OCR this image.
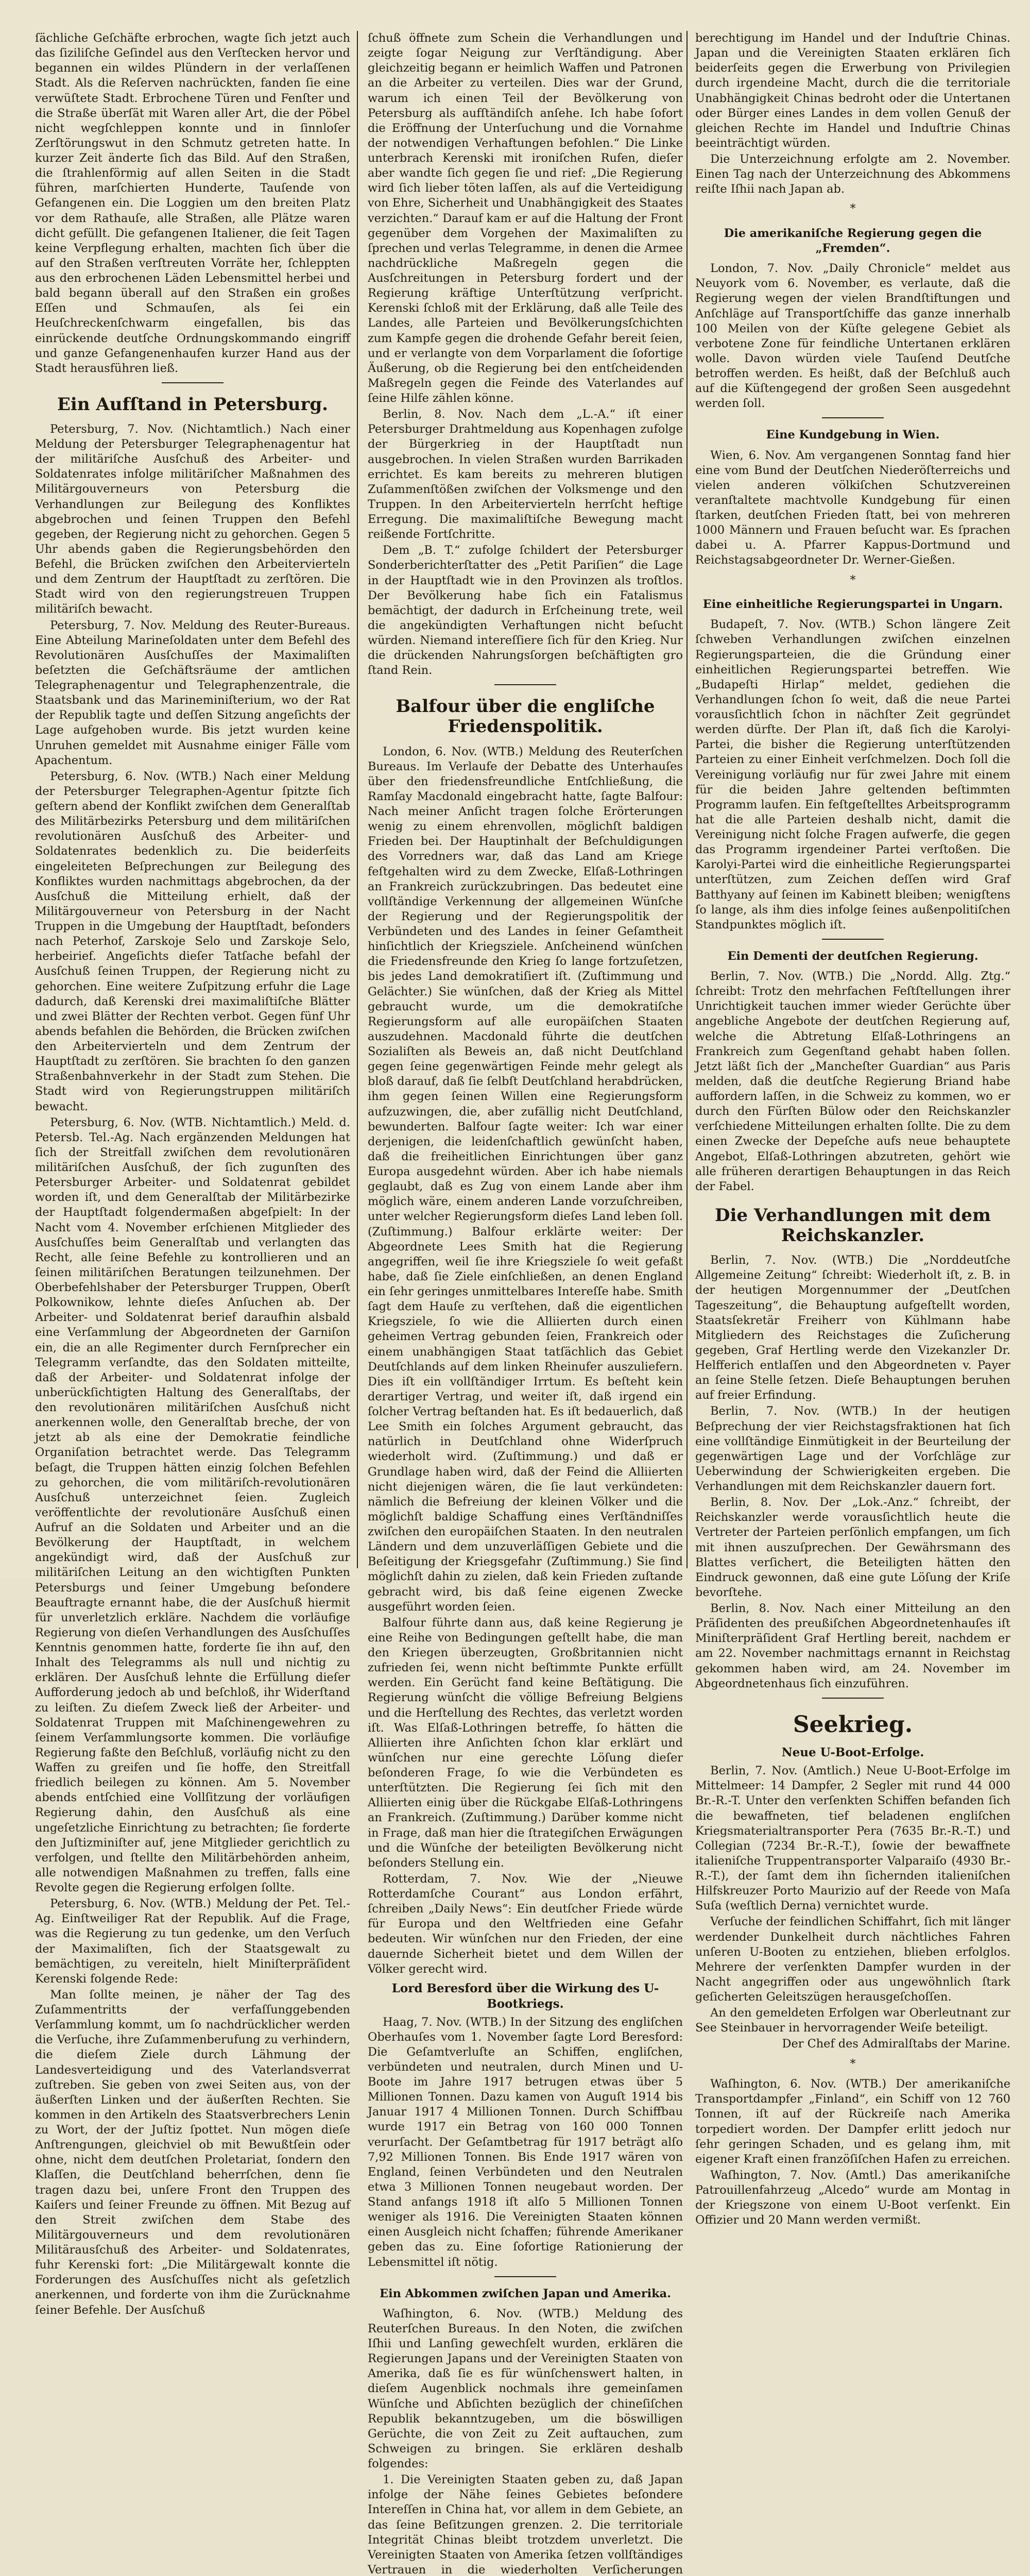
ſächliche Geſchäfte erbrochen, wagte ſich jetzt auch das ſiziliſche Geſindel aus den Verſtecken hervor und begannen ein wildes Plündern in der verlaſſenen Stadt. Als die Reſerven nachrückten, fanden ſie eine verwüſtete Stadt. Erbrochene Türen und Fenſter und die Straße überſät mit Waren aller Art, die der Pöbel nicht wegſchleppen konnte und in ſinnloſer Zerſtörungswut in den Schmutz getreten hatte. In kurzer Zeit änderte ſich das Bild. Auf den Straßen, die ſtrahlenförmig auf allen Seiten in die Stadt führen, marſchierten Hunderte, Tauſende von Gefangenen ein. Die Loggien um den breiten Platz vor dem Rathauſe, alle Straßen, alle Plätze waren dicht gefüllt. Die gefangenen Italiener, die ſeit Tagen keine Verpflegung erhalten, machten ſich über die auf den Straßen verſtreuten Vorräte her, ſchleppten aus den erbrochenen Läden Lebensmittel herbei und bald begann überall auf den Straßen ein großes Eſſen und Schmauſen, als ſei ein Heuſchreckenſchwarm eingefallen, bis das einrückende deutſche Ordnungskommando eingriff und ganze Gefangenenhaufen kurzer Hand aus der Stadt herausführen ließ.

Ein Aufſtand in Petersburg.

Petersburg, 7. Nov. (Nichtamtlich.) Nach einer Meldung der Petersburger Telegraphenagentur hat der militäriſche Ausſchuß des Arbeiter- und Soldatenrates infolge militäriſcher Maßnahmen des Militärgouverneurs von Petersburg die Verhandlungen zur Beilegung des Konfliktes abgebrochen und ſeinen Truppen den Befehl gegeben, der Regierung nicht zu gehorchen. Gegen 5 Uhr abends gaben die Regierungsbehörden den Befehl, die Brücken zwiſchen den Arbeitervierteln und dem Zentrum der Hauptſtadt zu zerſtören. Die Stadt wird von den regierungstreuen Truppen militäriſch bewacht.

Petersburg, 7. Nov. Meldung des Reuter-Bureaus. Eine Abteilung Marineſoldaten unter dem Befehl des Revolutionären Ausſchuſſes der Maximaliſten beſetzten die Geſchäftsräume der amtlichen Telegraphenagentur und Telegraphenzentrale, die Staatsbank und das Marineminiſterium, wo der Rat der Republik tagte und deſſen Sitzung angeſichts der Lage aufgehoben wurde. Bis jetzt wurden keine Unruhen gemeldet mit Ausnahme einiger Fälle vom Apachentum.

Petersburg, 6. Nov. (WTB.) Nach einer Meldung der Petersburger Telegraphen-Agentur ſpitzte ſich geſtern abend der Konflikt zwiſchen dem Generalſtab des Militärbezirks Petersburg und dem militäriſchen revolutionären Ausſchuß des Arbeiter- und Soldatenrates bedenklich zu. Die beiderſeits eingeleiteten Beſprechungen zur Beilegung des Konfliktes wurden nachmittags abgebrochen, da der Ausſchuß die Mitteilung erhielt, daß der Militärgouverneur von Petersburg in der Nacht Truppen in die Umgebung der Hauptſtadt, beſonders nach Peterhof, Zarskoje Selo und Zarskoje Selo, herbeirief. Angeſichts dieſer Tatſache befahl der Ausſchuß ſeinen Truppen, der Regierung nicht zu gehorchen. Eine weitere Zuſpitzung erfuhr die Lage dadurch, daß Kerenski drei maximaliſtiſche Blätter und zwei Blätter der Rechten verbot. Gegen fünf Uhr abends befahlen die Behörden, die Brücken zwiſchen den Arbeitervierteln und dem Zentrum der Hauptſtadt zu zerſtören. Sie brachten ſo den ganzen Straßenbahnverkehr in der Stadt zum Stehen. Die Stadt wird von Regierungstruppen militäriſch bewacht.

Petersburg, 6. Nov. (WTB. Nichtamtlich.) Meld. d. Petersb. Tel.-Ag. Nach ergänzenden Meldungen hat ſich der Streitfall zwiſchen dem revolutionären militäriſchen Ausſchuß, der ſich zugunſten des Petersburger Arbeiter- und Soldatenrat gebildet worden iſt, und dem Generalſtab der Militärbezirke der Hauptſtadt folgendermaßen abgeſpielt: In der Nacht vom 4. November erſchienen Mitglieder des Ausſchuſſes beim Generalſtab und verlangten das Recht, alle ſeine Befehle zu kontrollieren und an ſeinen militäriſchen Beratungen teilzunehmen. Der Oberbefehlshaber der Petersburger Truppen, Oberſt Polkownikow, lehnte dieſes Anſuchen ab. Der Arbeiter- und Soldatenrat berief daraufhin alsbald eine Verſammlung der Abgeordneten der Garniſon ein, die an alle Regimenter durch Fernſprecher ein Telegramm verſandte, das den Soldaten mitteilte, daß der Arbeiter- und Soldatenrat infolge der unberückſichtigten Haltung des Generalſtabs, der den revolutionären militäriſchen Ausſchuß nicht anerkennen wolle, den Generalſtab breche, der von jetzt ab als eine der Demokratie feindliche Organiſation betrachtet werde. Das Telegramm beſagt, die Truppen hätten einzig ſolchen Befehlen zu gehorchen, die vom militäriſch-revolutionären Ausſchuß unterzeichnet ſeien. Zugleich veröffentlichte der revolutionäre Ausſchuß einen Aufruf an die Soldaten und Arbeiter und an die Bevölkerung der Hauptſtadt, in welchem angekündigt wird, daß der Ausſchuß zur militäriſchen Leitung an den wichtigſten Punkten Petersburgs und ſeiner Umgebung beſondere Beauftragte ernannt habe, die der Ausſchuß hiermit für unverletzlich erkläre. Nachdem die vorläufige Regierung von dieſen Verhandlungen des Ausſchuſſes Kenntnis genommen hatte, forderte ſie ihn auf, den Inhalt des Telegramms als null und nichtig zu erklären. Der Ausſchuß lehnte die Erfüllung dieſer Aufforderung jedoch ab und beſchloß, ihr Widerſtand zu leiſten. Zu dieſem Zweck ließ der Arbeiter- und Soldatenrat Truppen mit Maſchinengewehren zu ſeinem Verſammlungsorte kommen. Die vorläufige Regierung faßte den Beſchluß, vorläufig nicht zu den Waffen zu greifen und ſie hoffe, den Streitfall friedlich beilegen zu können. Am 5. November abends entſchied eine Vollſitzung der vorläufigen Regierung dahin, den Ausſchuß als eine ungeſetzliche Einrichtung zu betrachten; ſie forderte den Juſtizminiſter auf, jene Mitglieder gerichtlich zu verfolgen, und ſtellte den Militärbehörden anheim, alle notwendigen Maßnahmen zu treffen, falls eine Revolte gegen die Regierung erfolgen ſollte.

Petersburg, 6. Nov. (WTB.) Meldung der Pet. Tel.-Ag. Einſtweiliger Rat der Republik. Auf die Frage, was die Regierung zu tun gedenke, um den Verſuch der Maximaliſten, ſich der Staatsgewalt zu bemächtigen, zu vereiteln, hielt Miniſterpräſident Kerenski folgende Rede:

Man ſollte meinen, je näher der Tag des Zuſammentritts der verfaſſunggebenden Verſammlung kommt, um ſo nachdrücklicher werden die Verſuche, ihre Zuſammenberufung zu verhindern, die dieſem Ziele durch Lähmung der Landesverteidigung und des Vaterlandsverrat zuſtreben. Sie geben von zwei Seiten aus, von der äußerſten Linken und der äußerſten Rechten. Sie kommen in den Artikeln des Staatsverbrechers Lenin zu Wort, der der Juſtiz ſpottet. Nun mögen dieſe Anſtrengungen, gleichviel ob mit Bewußtſein oder ohne, nicht dem deutſchen Proletariat, ſondern den Klaſſen, die Deutſchland beherrſchen, denn ſie tragen dazu bei, unſere Front den Truppen des Kaiſers und ſeiner Freunde zu öffnen. Mit Bezug auf den Streit zwiſchen dem Stabe des Militärgouverneurs und dem revolutionären Militärausſchuß des Arbeiter- und Soldatenrates, fuhr Kerenski fort: „Die Militärgewalt konnte die Forderungen des Ausſchuſſes nicht als geſetzlich anerkennen, und forderte von ihm die Zurücknahme ſeiner Befehle. Der Ausſchuß

ſchuß öffnete zum Schein die Verhandlungen und zeigte ſogar Neigung zur Verſtändigung. Aber gleichzeitig begann er heimlich Waffen und Patronen an die Arbeiter zu verteilen. Dies war der Grund, warum ich einen Teil der Bevölkerung von Petersburg als aufſtändiſch anſehe. Ich habe ſofort die Eröffnung der Unterſuchung und die Vornahme der notwendigen Verhaftungen befohlen.“ Die Linke unterbrach Kerenski mit ironiſchen Rufen, dieſer aber wandte ſich gegen ſie und rief: „Die Regierung wird ſich lieber töten laſſen, als auf die Verteidigung von Ehre, Sicherheit und Unabhängigkeit des Staates verzichten.“ Darauf kam er auf die Haltung der Front gegenüber dem Vorgehen der Maximaliſten zu ſprechen und verlas Telegramme, in denen die Armee nachdrückliche Maßregeln gegen die Ausſchreitungen in Petersburg fordert und der Regierung kräftige Unterſtützung verſpricht. Kerenski ſchloß mit der Erklärung, daß alle Teile des Landes, alle Parteien und Bevölkerungsſchichten zum Kampfe gegen die drohende Gefahr bereit ſeien, und er verlangte von dem Vorparlament die ſofortige Äußerung, ob die Regierung bei den entſcheidenden Maßregeln gegen die Feinde des Vaterlandes auf ſeine Hilfe zählen könne.

Berlin, 8. Nov. Nach dem „L.-A.“ iſt einer Petersburger Drahtmeldung aus Kopenhagen zufolge der Bürgerkrieg in der Hauptſtadt nun ausgebrochen. In vielen Straßen wurden Barrikaden errichtet. Es kam bereits zu mehreren blutigen Zuſammenſtößen zwiſchen der Volksmenge und den Truppen. In den Arbeitervierteln herrſcht heftige Erregung. Die maximaliſtiſche Bewegung macht reißende Fortſchritte.

Dem „B. T.“ zufolge ſchildert der Petersburger Sonderberichterſtatter des „Petit Pariſien“ die Lage in der Hauptſtadt wie in den Provinzen als troſtlos. Der Bevölkerung habe ſich ein Fatalismus bemächtigt, der dadurch in Erſcheinung trete, weil die angekündigten Verhaftungen nicht beſucht würden. Niemand intereſſiere ſich für den Krieg. Nur die drückenden Nahrungsſorgen beſchäftigten gro ſtand Rein.

Balfour über die engliſche Friedenspolitik.

London, 6. Nov. (WTB.) Meldung des Reuterſchen Bureaus. Im Verlaufe der Debatte des Unterhauſes über den friedensfreundliche Entſchließung, die Ramſay Macdonald eingebracht hatte, ſagte Balfour: Nach meiner Anſicht tragen ſolche Erörterungen wenig zu einem ehrenvollen, möglichſt baldigen Frieden bei. Der Hauptinhalt der Beſchuldigungen des Vorredners war, daß das Land am Kriege feſtgehalten wird zu dem Zwecke, Elſaß-Lothringen an Frankreich zurückzubringen. Das bedeutet eine vollſtändige Verkennung der allgemeinen Wünſche der Regierung und der Regierungspolitik der Verbündeten und des Landes in ſeiner Geſamtheit hinſichtlich der Kriegsziele. Anſcheinend wünſchen die Friedensfreunde den Krieg ſo lange fortzuſetzen, bis jedes Land demokratiſiert iſt. (Zuſtimmung und Gelächter.) Sie wünſchen, daß der Krieg als Mittel gebraucht wurde, um die demokratiſche Regierungsform auf alle europäiſchen Staaten auszudehnen. Macdonald führte die deutſchen Sozialiſten als Beweis an, daß nicht Deutſchland gegen ſeine gegenwärtigen Feinde mehr gelegt als bloß darauf, daß ſie ſelbſt Deutſchland herabdrücken, ihm gegen ſeinen Willen eine Regierungsform aufzuzwingen, die, aber zufällig nicht Deutſchland, bewunderten. Balfour ſagte weiter: Ich war einer derjenigen, die leidenſchaftlich gewünſcht haben, daß die freiheitlichen Einrichtungen über ganz Europa ausgedehnt würden. Aber ich habe niemals geglaubt, daß es Zug von einem Lande aber ihm möglich wäre, einem anderen Lande vorzuſchreiben, unter welcher Regierungsform dieſes Land leben ſoll. (Zuſtimmung.) Balfour erklärte weiter: Der Abgeordnete Lees Smith hat die Regierung angegriffen, weil ſie ihre Kriegsziele ſo weit gefaßt habe, daß ſie Ziele einſchließen, an denen England ein ſehr geringes unmittelbares Intereſſe habe. Smith ſagt dem Hauſe zu verſtehen, daß die eigentlichen Kriegsziele, ſo wie die Alliierten durch einen geheimen Vertrag gebunden ſeien, Frankreich oder einem unabhängigen Staat tatſächlich das Gebiet Deutſchlands auf dem linken Rheinufer auszuliefern. Dies iſt ein vollſtändiger Irrtum. Es beſteht kein derartiger Vertrag, und weiter iſt, daß irgend ein ſolcher Vertrag beſtanden hat. Es iſt bedauerlich, daß Lee Smith ein ſolches Argument gebraucht, das natürlich in Deutſchland ohne Widerſpruch wiederholt wird. (Zuſtimmung.) und daß er Grundlage haben wird, daß der Feind die Alliierten nicht diejenigen wären, die ſie laut verkündeten: nämlich die Befreiung der kleinen Völker und die möglichſt baldige Schaffung eines Verſtändniſſes zwiſchen den europäiſchen Staaten. In den neutralen Ländern und dem unzuverläſſigen Gebiete und die Beſeitigung der Kriegsgefahr (Zuſtimmung.) Sie ſind möglichſt dahin zu zielen, daß kein Frieden zuſtande gebracht wird, bis daß ſeine eigenen Zwecke ausgeführt worden ſeien.

Balfour führte dann aus, daß keine Regierung je eine Reihe von Bedingungen geſtellt habe, die man den Kriegen überzeugten, Großbritannien nicht zufrieden ſei, wenn nicht beſtimmte Punkte erfüllt werden. Ein Gerücht fand keine Beſtätigung. Die Regierung wünſcht die völlige Befreiung Belgiens und die Herſtellung des Rechtes, das verletzt worden iſt. Was Elſaß-Lothringen betreffe, ſo hätten die Alliierten ihre Anſichten ſchon klar erklärt und wünſchen nur eine gerechte Löſung dieſer beſonderen Frage, ſo wie die Verbündeten es unterſtützten. Die Regierung ſei ſich mit den Alliierten einig über die Rückgabe Elſaß-Lothringens an Frankreich. (Zuſtimmung.) Darüber komme nicht in Frage, daß man hier die ſtrategiſchen Erwägungen und die Wünſche der beteiligten Bevölkerung nicht beſonders Stellung ein.

Rotterdam, 7. Nov. Wie der „Nieuwe Rotterdamſche Courant“ aus London erfährt, ſchreiben „Daily News“: Ein deutſcher Friede würde für Europa und den Weltfrieden eine Gefahr bedeuten. Wir wünſchen nur den Frieden, der eine dauernde Sicherheit bietet und dem Willen der Völker gerecht wird.

Lord Beresford über die Wirkung des U-Bootkriegs.

Haag, 7. Nov. (WTB.) In der Sitzung des engliſchen Oberhauſes vom 1. November ſagte Lord Beresford: Die Geſamtverluſte an Schiffen, engliſchen, verbündeten und neutralen, durch Minen und U-Boote im Jahre 1917 betrugen etwas über 5 Millionen Tonnen. Dazu kamen von Auguſt 1914 bis Januar 1917 4 Millionen Tonnen. Durch Schiffbau wurde 1917 ein Betrag von 160 000 Tonnen verurſacht. Der Geſamtbetrag für 1917 beträgt alſo 7,92 Millionen Tonnen. Bis Ende 1917 wären von England, ſeinen Verbündeten und den Neutralen etwa 3 Millionen Tonnen neugebaut worden. Der Stand anfangs 1918 iſt alſo 5 Millionen Tonnen weniger als 1916. Die Vereinigten Staaten können einen Ausgleich nicht ſchaffen; führende Amerikaner geben das zu. Eine ſofortige Rationierung der Lebensmittel iſt nötig.

Ein Abkommen zwiſchen Japan und Amerika.

Waſhington, 6. Nov. (WTB.) Meldung des Reuterſchen Bureaus. In den Noten, die zwiſchen Iſhii und Lanſing gewechſelt wurden, erklären die Regierungen Japans und der Vereinigten Staaten von Amerika, daß ſie es für wünſchenswert halten, in dieſem Augenblick nochmals ihre gemeinſamen Wünſche und Abſichten bezüglich der chineſiſchen Republik bekanntzugeben, um die böswilligen Gerüchte, die von Zeit zu Zeit auftauchen, zum Schweigen zu bringen. Sie erklären deshalb folgendes:

1. Die Vereinigten Staaten geben zu, daß Japan infolge der Nähe ſeines Gebietes beſondere Intereſſen in China hat, vor allem in dem Gebiete, an das ſeine Beſitzungen grenzen. 2. Die territoriale Integrität Chinas bleibt trotzdem unverletzt. Die Vereinigten Staaten von Amerika ſetzen vollſtändiges Vertrauen in die wiederholten Verſicherungen

berechtigung im Handel und der Induſtrie Chinas. Japan und die Vereinigten Staaten erklären ſich beiderſeits gegen die Erwerbung von Privilegien durch irgendeine Macht, durch die die territoriale Unabhängigkeit Chinas bedroht oder die Untertanen oder Bürger eines Landes in dem vollen Genuß der gleichen Rechte im Handel und Induſtrie Chinas beeinträchtigt würden.

Die Unterzeichnung erfolgte am 2. November. Einen Tag nach der Unterzeichnung des Abkommens reiſte Iſhii nach Japan ab.

*
Die amerikaniſche Regierung gegen die „Fremden“.

London, 7. Nov. „Daily Chronicle“ meldet aus Neuyork vom 6. November, es verlaute, daß die Regierung wegen der vielen Brandſtiftungen und Anſchläge auf Transportſchiffe das ganze innerhalb 100 Meilen von der Küſte gelegene Gebiet als verbotene Zone für feindliche Untertanen erklären wolle. Davon würden viele Tauſend Deutſche betroffen werden. Es heißt, daß der Beſchluß auch auf die Küſtengegend der großen Seen ausgedehnt werden ſoll.

Eine Kundgebung in Wien.

Wien, 6. Nov. Am vergangenen Sonntag fand hier eine vom Bund der Deutſchen Niederöſterreichs und vielen anderen völkiſchen Schutzvereinen veranſtaltete machtvolle Kundgebung für einen ſtarken, deutſchen Frieden ſtatt, bei von mehreren 1000 Männern und Frauen beſucht war. Es ſprachen dabei u. A. Pfarrer Kappus-Dortmund und Reichstagsabgeordneter Dr. Werner-Gießen.

*
Eine einheitliche Regierungspartei in Ungarn.

Budapeſt, 7. Nov. (WTB.) Schon längere Zeit ſchweben Verhandlungen zwiſchen einzelnen Regierungsparteien, die die Gründung einer einheitlichen Regierungspartei betreffen. Wie „Budapeſti Hirlap“ meldet, gediehen die Verhandlungen ſchon ſo weit, daß die neue Partei vorausſichtlich ſchon in nächſter Zeit gegründet werden dürfte. Der Plan iſt, daß ſich die Karolyi-Partei, die bisher die Regierung unterſtützenden Parteien zu einer Einheit verſchmelzen. Doch ſoll die Vereinigung vorläufig nur für zwei Jahre mit einem für die beiden Jahre geltenden beſtimmten Programm laufen. Ein feſtgeſtelltes Arbeitsprogramm hat die alle Parteien deshalb nicht, damit die Vereinigung nicht ſolche Fragen aufwerfe, die gegen das Programm irgendeiner Partei verſtoßen. Die Karolyi-Partei wird die einheitliche Regierungspartei unterſtützen, zum Zeichen deſſen wird Graf Batthyany auf ſeinen im Kabinett bleiben; wenigſtens ſo lange, als ihm dies infolge ſeines außenpolitiſchen Standpunktes möglich iſt.

Ein Dementi der deutſchen Regierung.

Berlin, 7. Nov. (WTB.) Die „Nordd. Allg. Ztg.“ ſchreibt: Trotz den mehrfachen Feſtſtellungen ihrer Unrichtigkeit tauchen immer wieder Gerüchte über angebliche Angebote der deutſchen Regierung auf, welche die Abtretung Elſaß-Lothringens an Frankreich zum Gegenſtand gehabt haben ſollen. Jetzt läßt ſich der „Mancheſter Guardian“ aus Paris melden, daß die deutſche Regierung Briand habe auffordern laſſen, in die Schweiz zu kommen, wo er durch den Fürſten Bülow oder den Reichskanzler verſchiedene Mitteilungen erhalten ſollte. Die zu dem einen Zwecke der Depeſche aufs neue behauptete Angebot, Elſaß-Lothringen abzutreten, gehört wie alle früheren derartigen Behauptungen in das Reich der Fabel.

Die Verhandlungen mit dem Reichskanzler.

Berlin, 7. Nov. (WTB.) Die „Norddeutſche Allgemeine Zeitung“ ſchreibt: Wiederholt iſt, z. B. in der heutigen Morgennummer der „Deutſchen Tageszeitung“, die Behauptung aufgeſtellt worden, Staatsſekretär Freiherr von Kühlmann habe Mitgliedern des Reichstages die Zuſicherung gegeben, Graf Hertling werde den Vizekanzler Dr. Helfferich entlaſſen und den Abgeordneten v. Payer an ſeine Stelle ſetzen. Dieſe Behauptungen beruhen auf freier Erfindung.

Berlin, 7. Nov. (WTB.) In der heutigen Beſprechung der vier Reichstagsfraktionen hat ſich eine vollſtändige Einmütigkeit in der Beurteilung der gegenwärtigen Lage und der Vorſchläge zur Ueberwindung der Schwierigkeiten ergeben. Die Verhandlungen mit dem Reichskanzler dauern fort.

Berlin, 8. Nov. Der „Lok.-Anz.“ ſchreibt, der Reichskanzler werde vorausſichtlich heute die Vertreter der Parteien perſönlich empfangen, um ſich mit ihnen auszuſprechen. Der Gewährsmann des Blattes verſichert, die Beteiligten hätten den Eindruck gewonnen, daß eine gute Löſung der Kriſe bevorſtehe.

Berlin, 8. Nov. Nach einer Mitteilung an den Präſidenten des preußiſchen Abgeordnetenhauſes iſt Miniſterpräſident Graf Hertling bereit, nachdem er am 22. November nachmittags ernannt in Reichstag gekommen haben wird, am 24. November im Abgeordnetenhaus ſich einzuführen.

Seekrieg.
Neue U-Boot-Erfolge.

Berlin, 7. Nov. (Amtlich.) Neue U-Boot-Erfolge im Mittelmeer: 14 Dampfer, 2 Segler mit rund 44 000 Br.-R.-T. Unter den verſenkten Schiffen befanden ſich die bewaffneten, tief beladenen engliſchen Kriegsmaterialtransporter Pera (7635 Br.-R.-T.) und Collegian (7234 Br.-R.-T.), ſowie der bewaffnete italieniſche Truppentransporter Valparaiſo (4930 Br.-R.-T.), der ſamt dem ihn ſichernden italieniſchen Hilfskreuzer Porto Maurizio auf der Reede von Maſa Suſa (weſtlich Derna) vernichtet wurde.

Verſuche der feindlichen Schiffahrt, ſich mit länger werdender Dunkelheit durch nächtliches Fahren unſeren U-Booten zu entziehen, blieben erfolglos. Mehrere der verſenkten Dampfer wurden in der Nacht angegriffen oder aus ungewöhnlich ſtark geſicherten Geleitszügen herausgeſchoſſen.

An den gemeldeten Erfolgen war Oberleutnant zur See Steinbauer in hervorragender Weiſe beteiligt.

Der Chef des Admiralſtabs der Marine.

*

Waſhington, 6. Nov. (WTB.) Der amerikaniſche Transportdampfer „Finland“, ein Schiff von 12 760 Tonnen, iſt auf der Rückreiſe nach Amerika torpediert worden. Der Dampfer erlitt jedoch nur ſehr geringen Schaden, und es gelang ihm, mit eigener Kraft einen franzöſiſchen Hafen zu erreichen.

Waſhington, 7. Nov. (Amtl.) Das amerikaniſche Patrouillenfahrzeug „Alcedo“ wurde am Montag in der Kriegszone von einem U-Boot verſenkt. Ein Offizier und 20 Mann werden vermißt.
